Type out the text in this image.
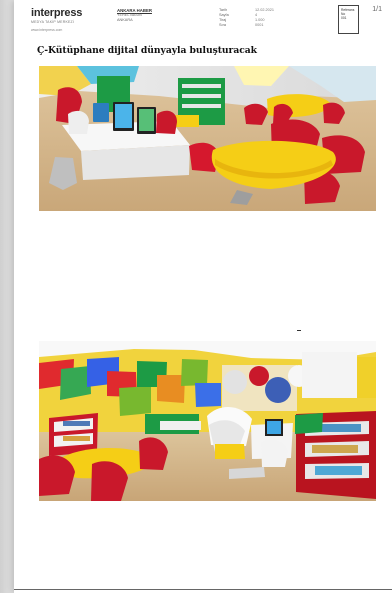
interpress
MEDYA TAKİP MERKEZİ
www.interpress.com
ANKARA HABER
YEREL BASIN
ANKARA
Tarih	12.02.2021
Sayfa	4
Tiraj	1.000
Sıra	0001
Referans
No
001
1/1
Ç-Kütüphane dijital dünyayla buluşturacak
